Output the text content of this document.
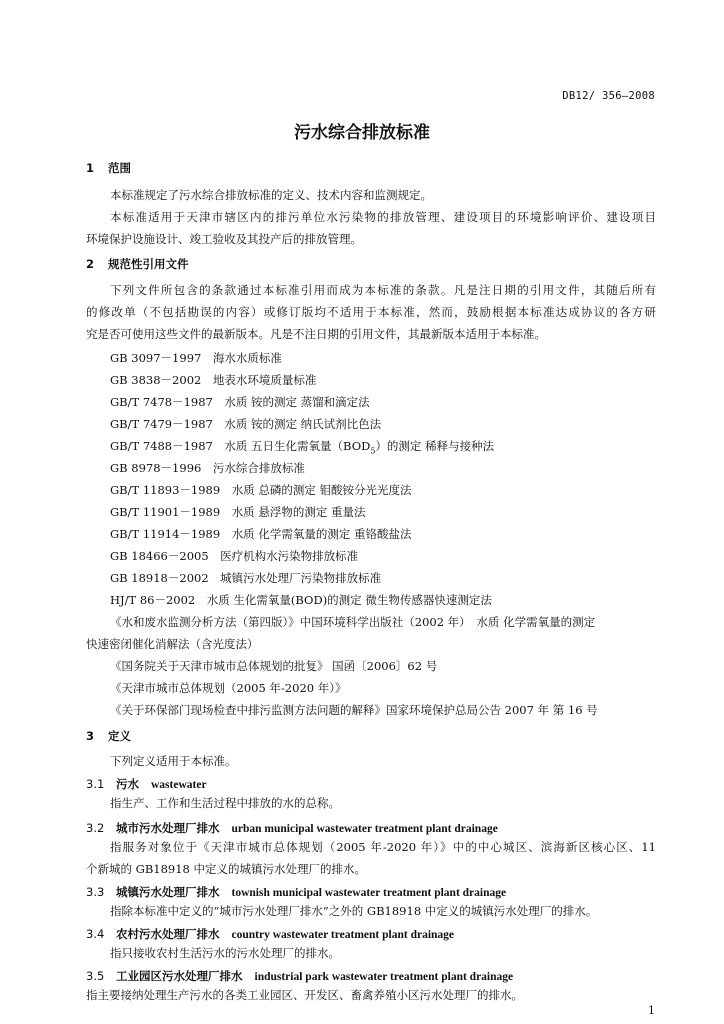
DB12/ 356—2008
污水综合排放标准
1 范围
本标准规定了污水综合排放标准的定义、技术内容和监测规定。
本标准适用于天津市辖区内的排污单位水污染物的排放管理、建设项目的环境影响评价、建设项目
环境保护设施设计、竣工验收及其投产后的排放管理。
2 规范性引用文件
下列文件所包含的条款通过本标准引用而成为本标准的条款。凡是注日期的引用文件，其随后所有
的修改单（不包括勘误的内容）或修订版均不适用于本标准，然而，鼓励根据本标准达成协议的各方研
究是否可使用这些文件的最新版本。凡是不注日期的引用文件，其最新版本适用于本标准。
GB 3097－1997　海水水质标准
GB 3838－2002　地表水环境质量标准
GB/T 7478－1987　水质 铵的测定 蒸馏和滴定法
GB/T 7479－1987　水质 铵的测定 纳氏试剂比色法
GB/T 7488－1987　水质 五日生化需氧量$(BOD_5)$的测定 稀释与接种法
GB 8978－1996　污水综合排放标准
GB/T 11893－1989　水质 总磷的测定 钼酸铵分光光度法
GB/T 11901－1989　水质 悬浮物的测定 重量法
GB/T 11914－1989　水质 化学需氧量的测定 重铬酸盐法
GB 18466－2005　医疗机构水污染物排放标准
GB 18918－2002　城镇污水处理厂污染物排放标准
HJ/T 86－2002　水质 生化需氧量(BOD)的测定 微生物传感器快速测定法
《水和废水监测分析方法（第四版）》中国环境科学出版社（2002 年）　水质 化学需氧量的测定
快速密闭催化消解法（含光度法）
《国务院关于天津市城市总体规划的批复》 国函〔2006〕62 号
《天津市城市总体规划（2005 年-2020 年）》
《关于环保部门现场检查中排污监测方法问题的解释》国家环境保护总局公告 2007 年 第 16 号
3 定义
下列定义适用于本标准。
3.1 污水 wastewater
指生产、工作和生活过程中排放的水的总称。
3.2 城市污水处理厂排水 urban municipal wastewater treatment plant drainage
指服务对象位于《天津市城市总体规划（2005 年-2020 年）》中的中心城区、滨海新区核心区、11
个新城的 GB18918 中定义的城镇污水处理厂的排水。
3.3 城镇污水处理厂排水 townish municipal wastewater treatment plant drainage
指除本标准中定义的“城市污水处理厂排水”之外的 GB18918 中定义的城镇污水处理厂的排水。
3.4 农村污水处理厂排水 country wastewater treatment plant drainage
指只接收农村生活污水的污水处理厂的排水。
3.5 工业园区污水处理厂排水 industrial park wastewater treatment plant drainage
指主要接纳处理生产污水的各类工业园区、开发区、畜禽养殖小区污水处理厂的排水。
1
